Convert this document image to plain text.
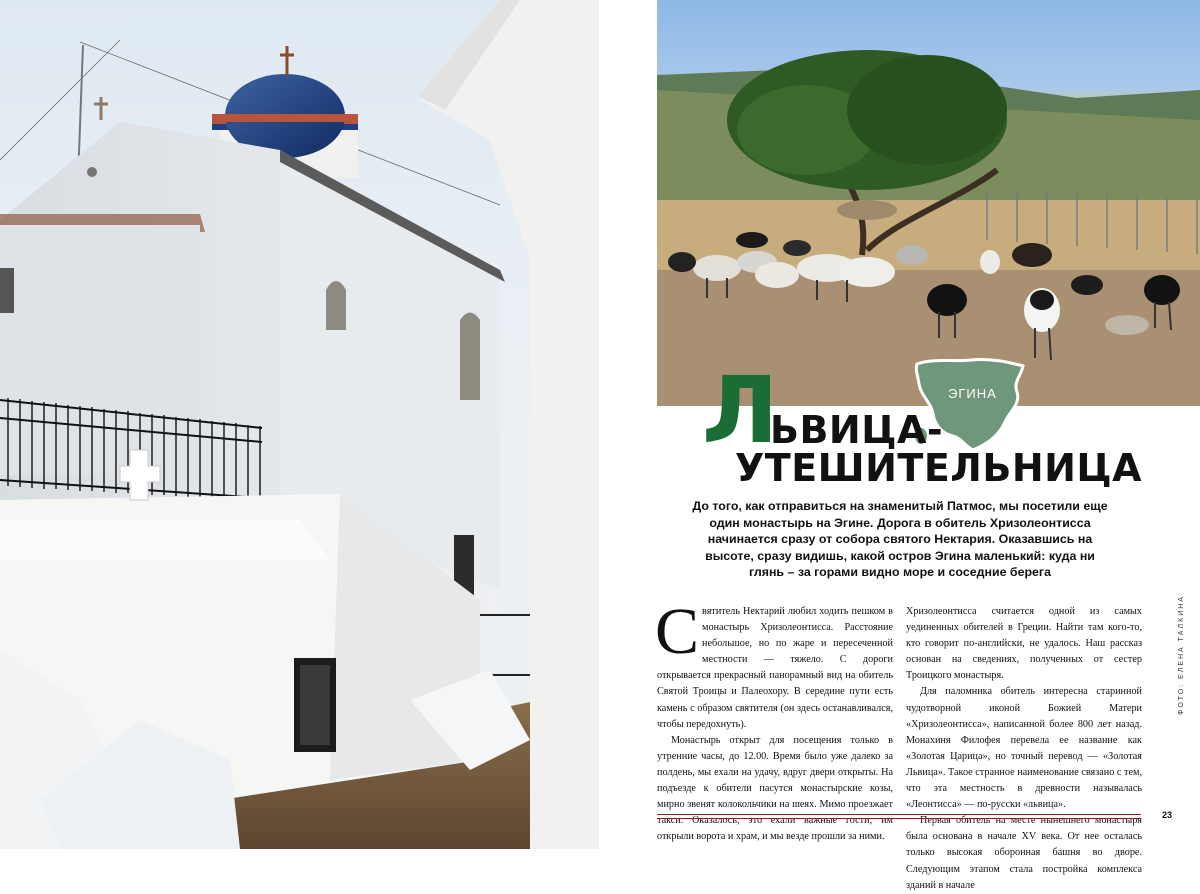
ЭГИНА
Л
ЬВИЦА-
УТЕШИТЕЛЬНИЦА

До того, как отправиться на знаменитый Патмос, мы посетили еще один монастырь на Эгине. Дорога в обитель Хризолеонтисса начинается сразу от собора святого Нектария. Оказавшись на высоте, сразу видишь, какой остров Эгина маленький: куда ни глянь – за горами видно море и соседние берега

Святитель Нектарий любил ходить пешком в монастырь Хризолеонтисса. Расстояние небольшое, но по жаре и пересеченной местности — тяжело. С дороги открывается прекрасный панорамный вид на обитель Святой Троицы и Палеохору. В середине пути есть камень с образом святителя (он здесь останавливался, чтобы передохнуть).

Монастырь открыт для посещения только в утренние часы, до 12.00. Время было уже далеко за полдень, мы ехали на удачу, вдруг двери открыты. На подъезде к обители пасутся монастырские козы, мирно звенят колокольчики на шеях. Мимо проезжает такси. Оказалось, это ехали важные гости; им открыли ворота и храм, и мы везде прошли за ними.

Хризолеонтисса считается одной из самых уединенных обителей в Греции. Найти там кого-то, кто говорит по-английски, не удалось. Наш рассказ основан на сведениях, полученных от сестер Троицкого монастыря.

Для паломника обитель интересна старинной чудотворной иконой Божией Матери «Хризолеонтисса», написанной более 800 лет назад. Монахиня Филофея перевела ее название как «Золотая Царица», но точный перевод — «Золотая Львица». Такое странное наименование связано с тем, что эта местность в древности называлась «Леонтисса» — по-русски «львица».

Первая обитель на месте нынешнего монастыря была основана в начале XV века. От нее осталась только высокая оборонная башня во дворе. Следующим этапом стала постройка комплекса зданий в начале

23
ФОТО: ЕЛЕНА ТАЛКИНА
